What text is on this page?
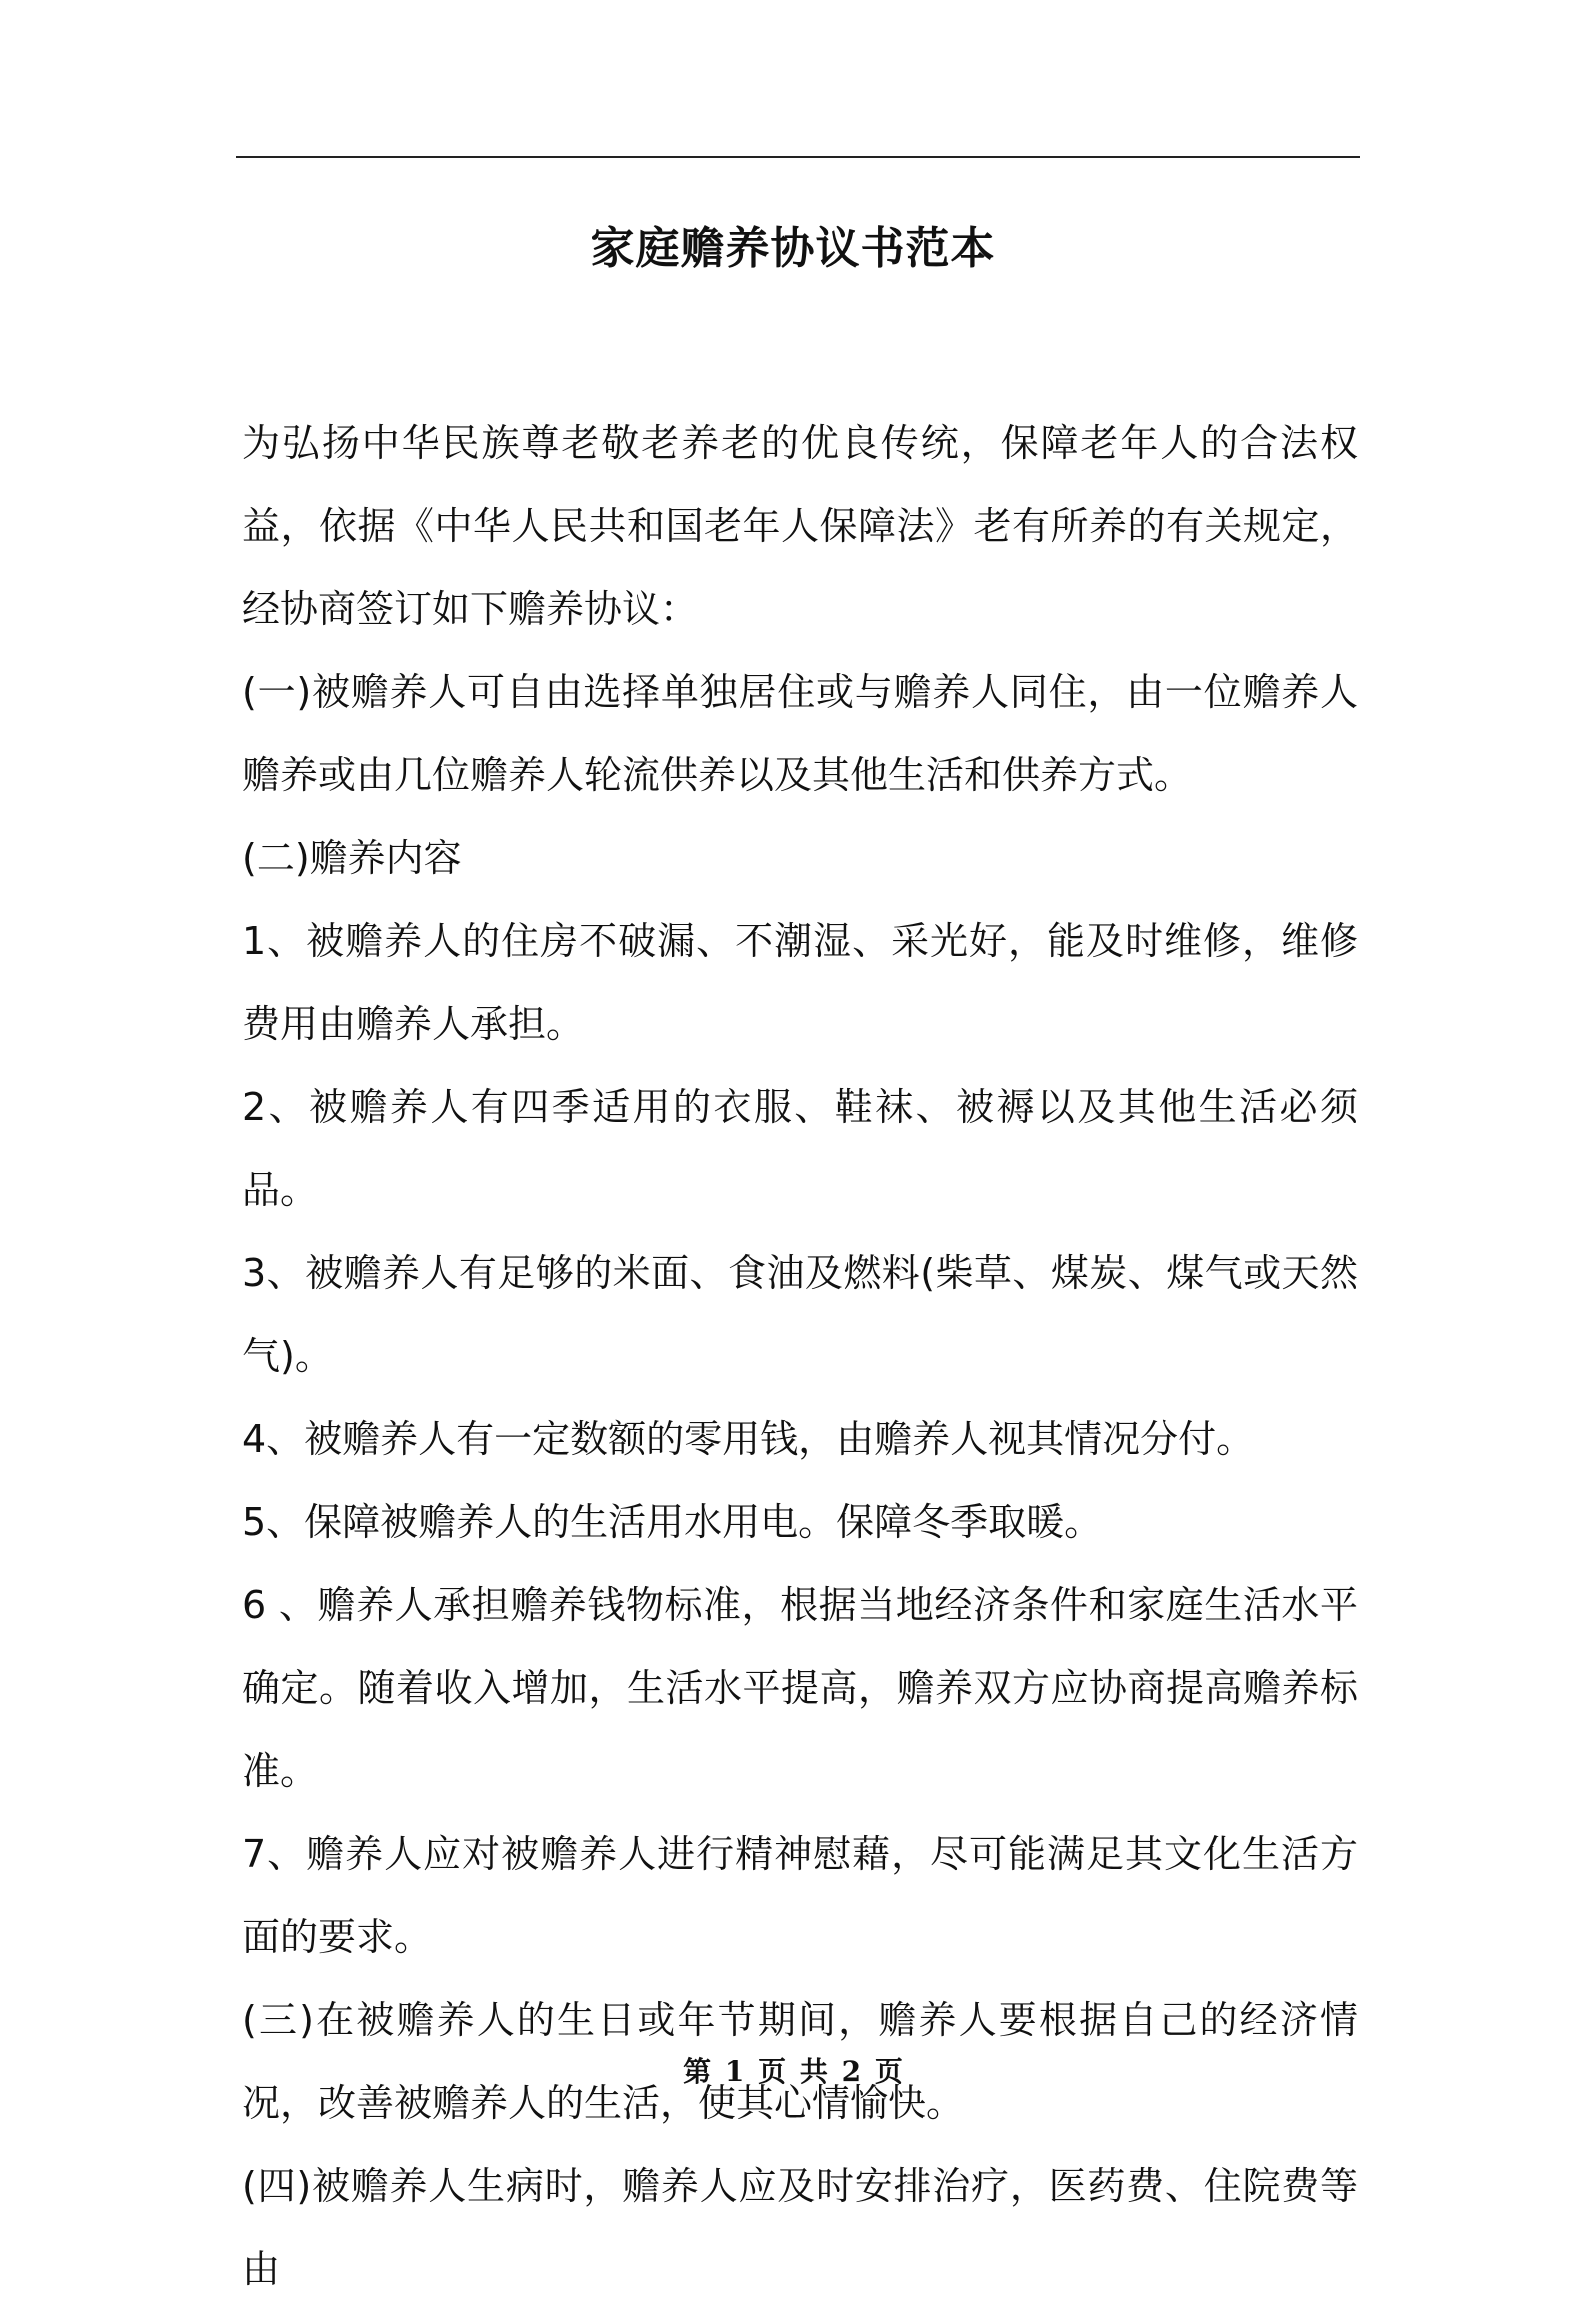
家庭赡养协议书范本

为弘扬中华民族尊老敬老养老的优良传统，保障老年人的合法权益，依据《中华人民共和国老年人保障法》老有所养的有关规定，经协商签订如下赡养协议：

(一)被赡养人可自由选择单独居住或与赡养人同住，由一位赡养人赡养或由几位赡养人轮流供养以及其他生活和供养方式。

(二)赡养内容

1、被赡养人的住房不破漏、不潮湿、采光好，能及时维修，维修费用由赡养人承担。

2、被赡养人有四季适用的衣服、鞋袜、被褥以及其他生活必须品。

3、被赡养人有足够的米面、食油及燃料(柴草、煤炭、煤气或天然气)。

4、被赡养人有一定数额的零用钱，由赡养人视其情况分付。

5、保障被赡养人的生活用水用电。保障冬季取暖。

6 、赡养人承担赡养钱物标准，根据当地经济条件和家庭生活水平确定。随着收入增加，生活水平提高，赡养双方应协商提高赡养标准。

7、赡养人应对被赡养人进行精神慰藉，尽可能满足其文化生活方面的要求。

(三)在被赡养人的生日或年节期间，赡养人要根据自己的经济情况，改善被赡养人的生活，使其心情愉快。

(四)被赡养人生病时，赡养人应及时安排治疗，医药费、住院费等由

第 1 页 共 2 页
